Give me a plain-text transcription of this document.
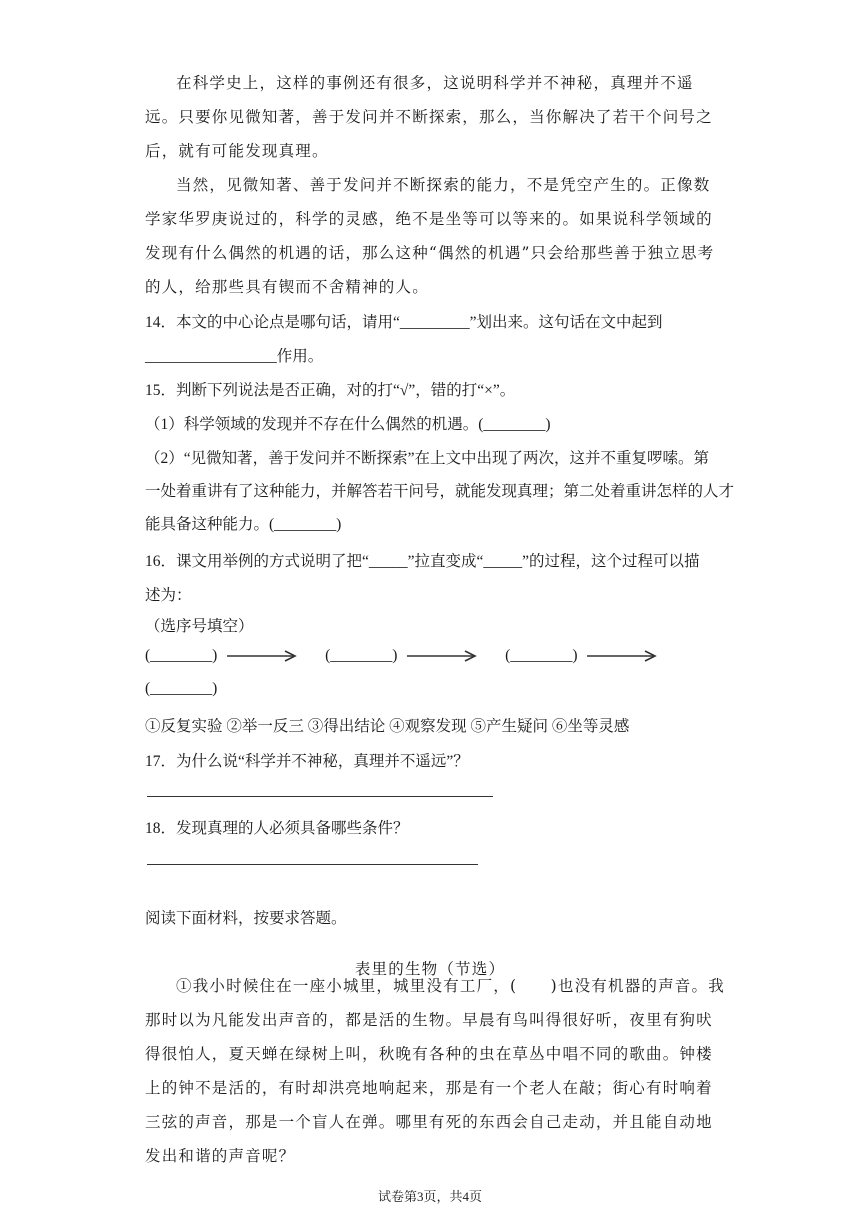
在科学史上，这样的事例还有很多，这说明科学并不神秘，真理并不遥远。只要你见微知著，善于发问并不断探索，那么，当你解决了若干个问号之后，就有可能发现真理。

当然，见微知著、善于发问并不断探索的能力，不是凭空产生的。正像数学家华罗庚说过的，科学的灵感，绝不是坐等可以等来的。如果说科学领域的发现有什么偶然的机遇的话，那么这种“偶然的机遇”只会给那些善于独立思考的人，给那些具有锲而不舍精神的人。

14．本文的中心论点是哪句话，请用“_________”划出来。这句话在文中起到

_________________作用。

15．判断下列说法是否正确，对的打“√”，错的打“×”。

（1）科学领域的发现并不存在什么偶然的机遇。(________)

（2）“见微知著，善于发问并不断探索”在上文中出现了两次，这并不重复啰嗦。第

一处着重讲有了这种能力，并解答若干问号，就能发现真理；第二处着重讲怎样的人才

能具备这种能力。(________)

16．课文用举例的方式说明了把“_____”拉直变成“_____”的过程，这个过程可以描

述为：

（选序号填空）

(________)	(________)	(________)

(________)

①反复实验 ②举一反三 ③得出结论 ④观察发现 ⑤产生疑问 ⑥坐等灵感

17．为什么说“科学并不神秘，真理并不遥远”？

18．发现真理的人必须具备哪些条件？

阅读下面材料，按要求答题。

表里的生物（节选）

①我小时候住在一座小城里，城里没有工厂，(　　)也没有机器的声音。我那时以为凡能发出声音的，都是活的生物。早晨有鸟叫得很好听，夜里有狗吠得很怕人，夏天蝉在绿树上叫，秋晚有各种的虫在草丛中唱不同的歌曲。钟楼上的钟不是活的，有时却洪亮地响起来，那是有一个老人在敲；街心有时响着三弦的声音，那是一个盲人在弹。哪里有死的东西会自己走动，并且能自动地发出和谐的声音呢？

试卷第3页，共4页
